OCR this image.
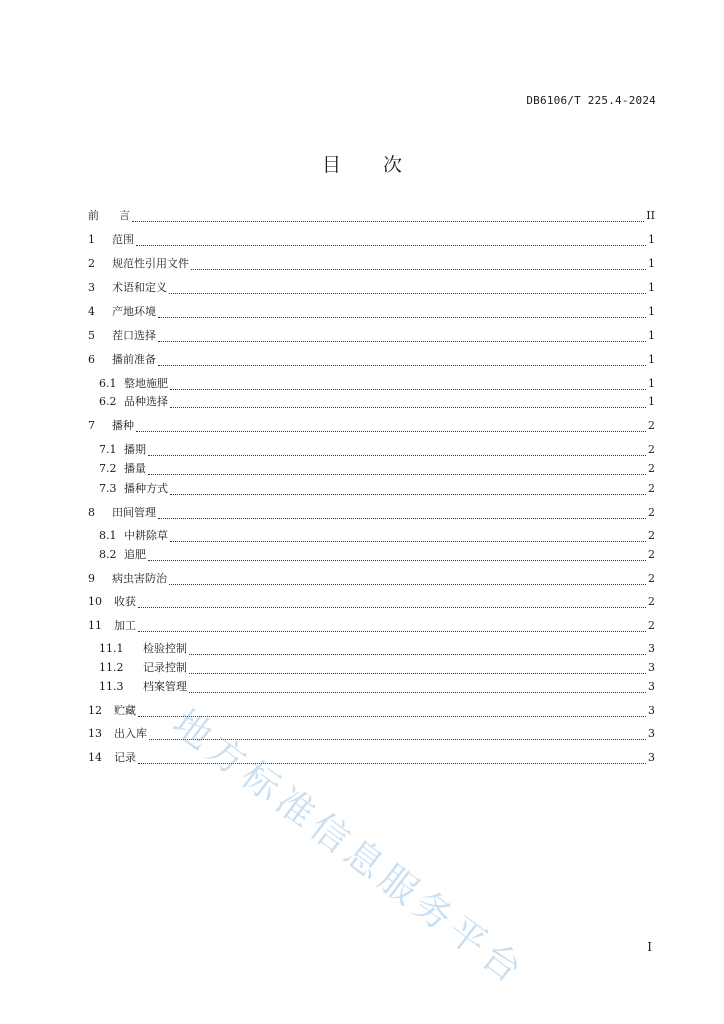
DB6106/T 225.4-2024
目 次
前	言	II
1	范围	1
2	规范性引用文件	1
3	术语和定义	1
4	产地环境	1
5	茬口选择	1
6	播前准备	1
6.1 整地施肥	1
6.2 品种选择	1
7	播种	2
7.1 播期	2
7.2 播量	2
7.3 播种方式	2
8	田间管理	2
8.1 中耕除草	2
8.2 追肥	2
9	病虫害防治	2
10	收获	2
11	加工	2
11.1	检验控制	3
11.2	记录控制	3
11.3	档案管理	3
12	贮藏	3
13	出入库	3
14	记录	3
I
地方标准信息服务平台
